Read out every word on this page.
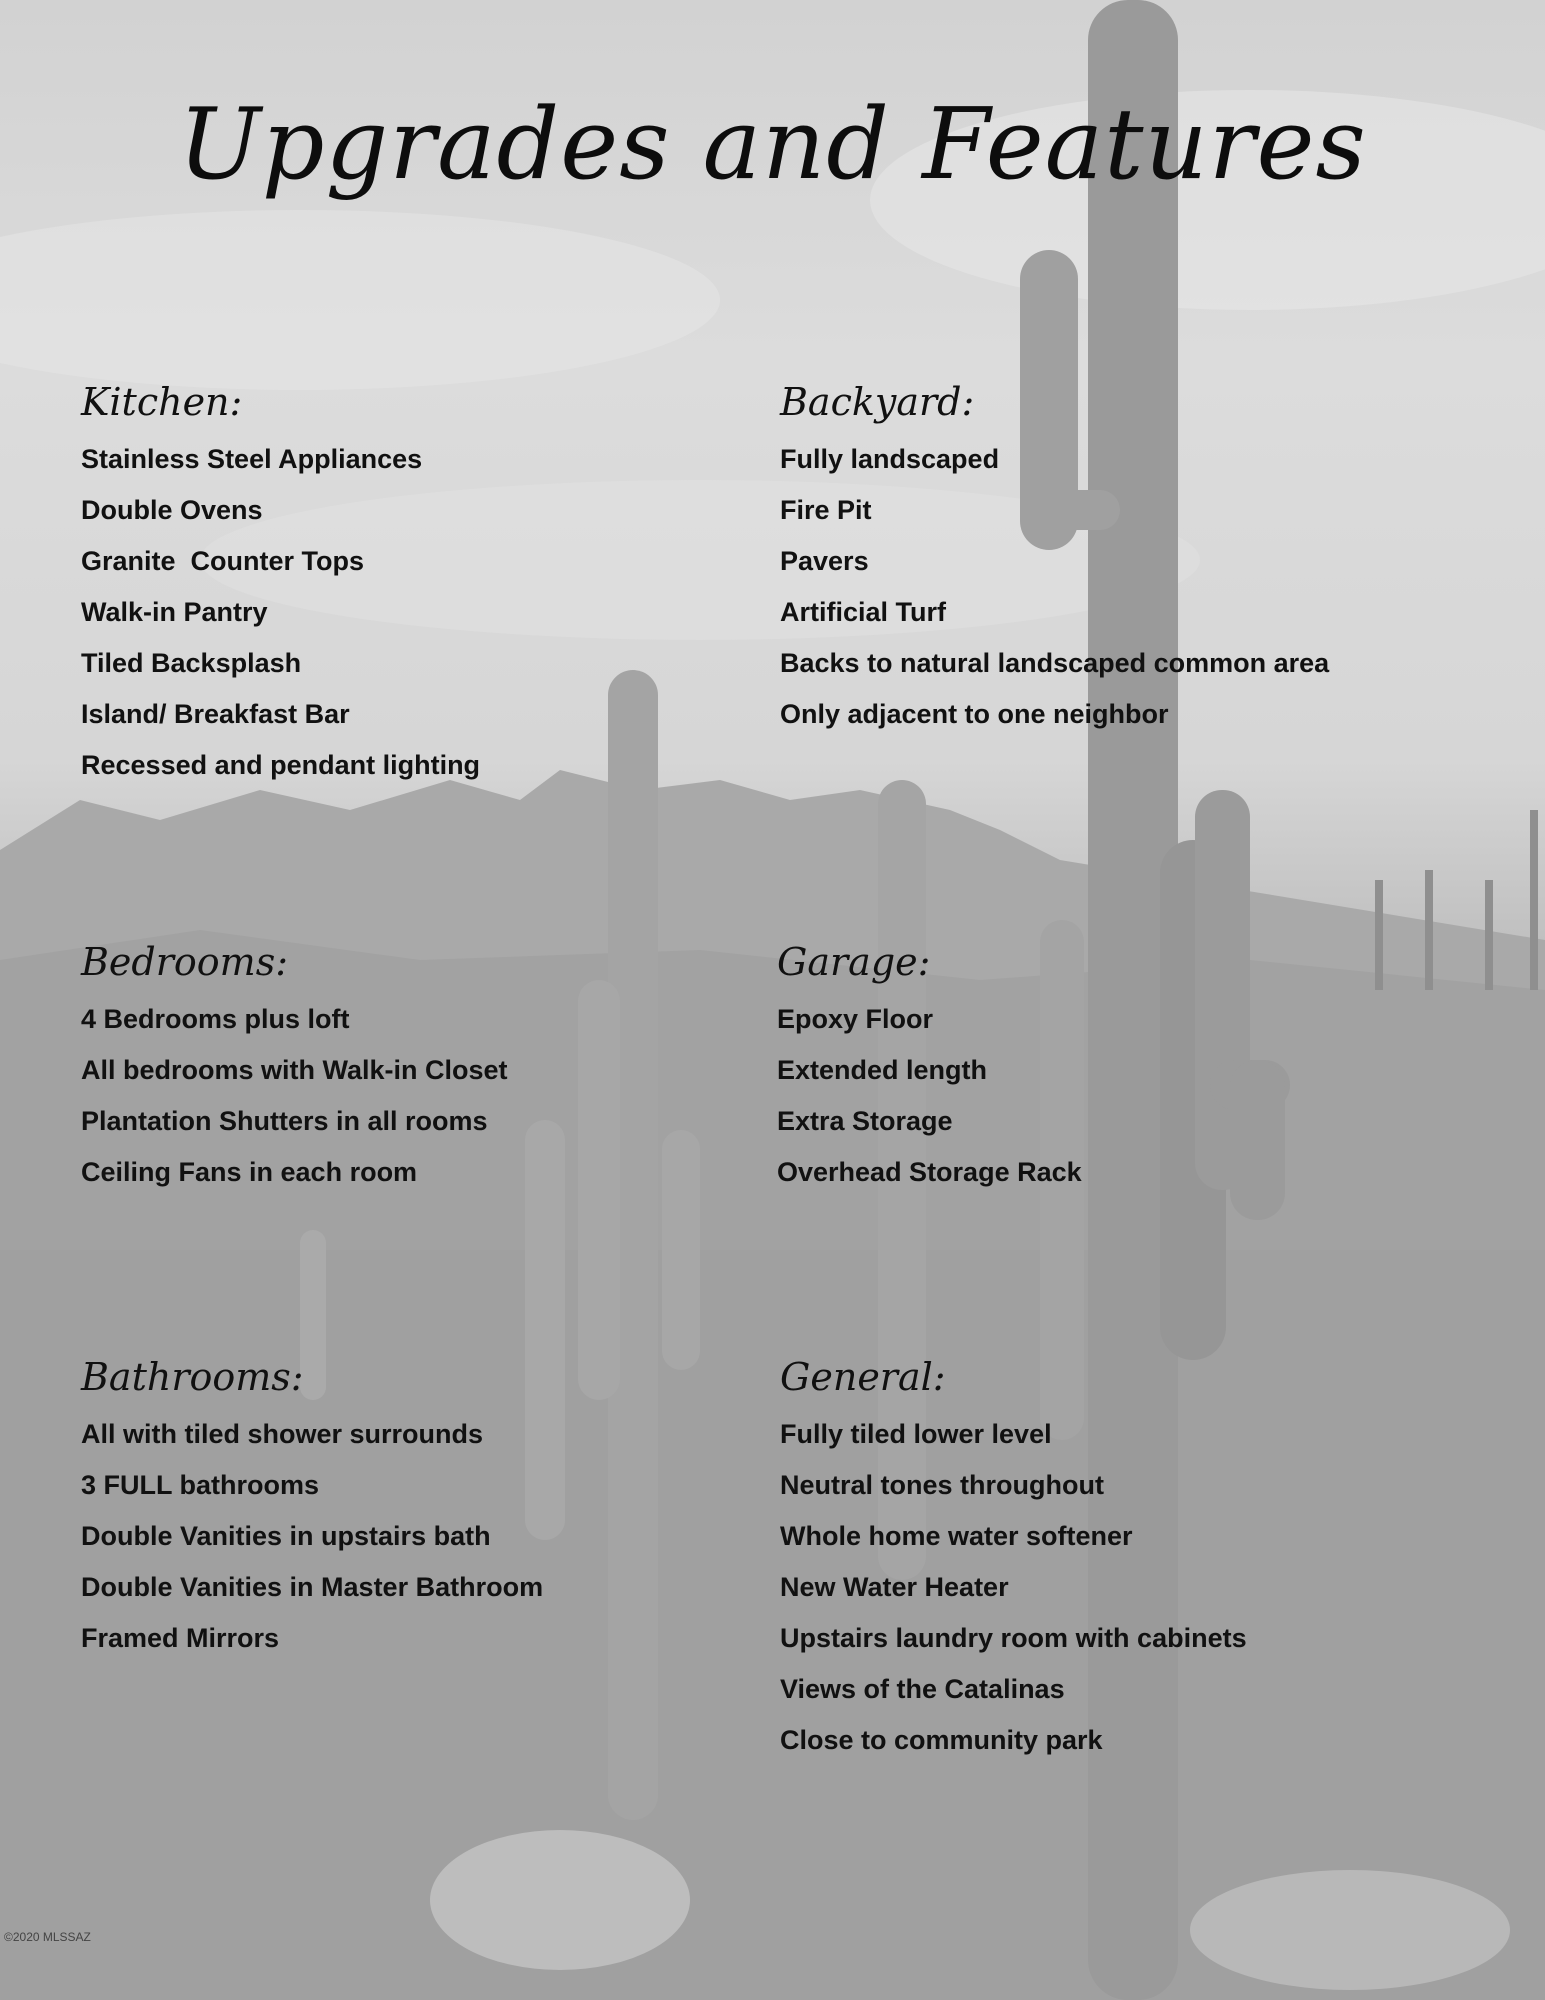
Upgrades and Features
Kitchen:
Stainless Steel Appliances
Double Ovens
Granite  Counter Tops
Walk-in Pantry
Tiled Backsplash
Island/ Breakfast Bar
Recessed and pendant lighting
Backyard:
Fully landscaped
Fire Pit
Pavers
Artificial Turf
Backs to natural landscaped common area
Only adjacent to one neighbor
Bedrooms:
4 Bedrooms plus loft
All bedrooms with Walk-in Closet
Plantation Shutters in all rooms
Ceiling Fans in each room
Garage:
Epoxy Floor
Extended length
Extra Storage
Overhead Storage Rack
Bathrooms:
All with tiled shower surrounds
3 FULL bathrooms
Double Vanities in upstairs bath
Double Vanities in Master Bathroom
Framed Mirrors
General:
Fully tiled lower level
Neutral tones throughout
Whole home water softener
New Water Heater
Upstairs laundry room with cabinets
Views of the Catalinas
Close to community park
©2020 MLSSAZ
